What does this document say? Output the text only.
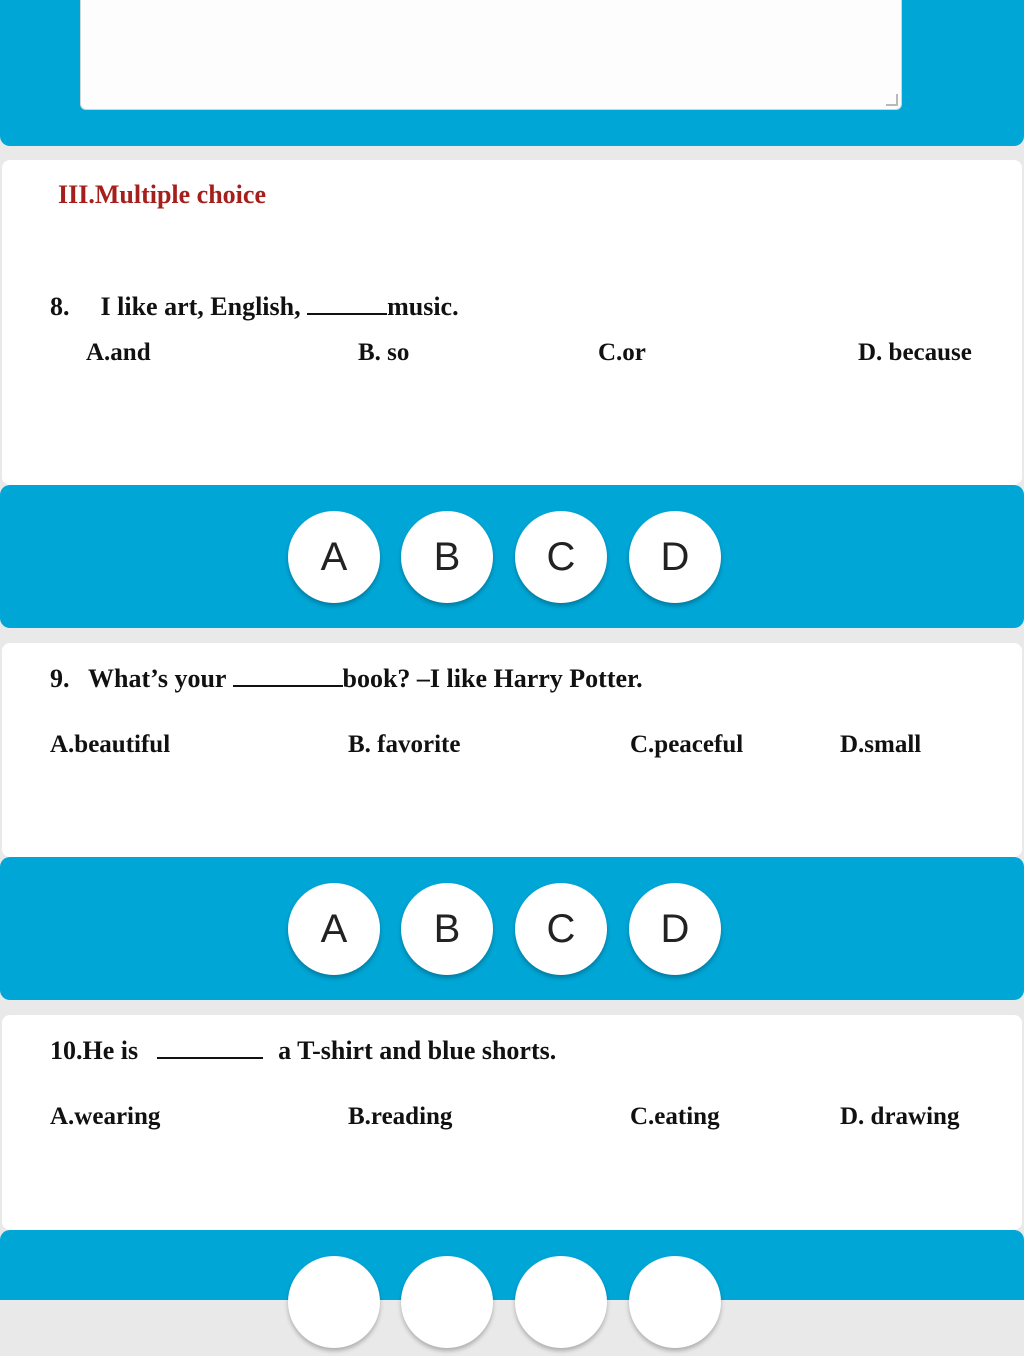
III.Multiple choice
8. I like art, English,	music.
A.and	B. so	C.or	D. because
A	B	C	D
9. What’s your	book? –I like Harry Potter.
A.beautiful	B. favorite	C.peaceful	D.small
A	B	C	D
10.He is	a T-shirt and blue shorts.
A.wearing	B.reading	C.eating	D. drawing
